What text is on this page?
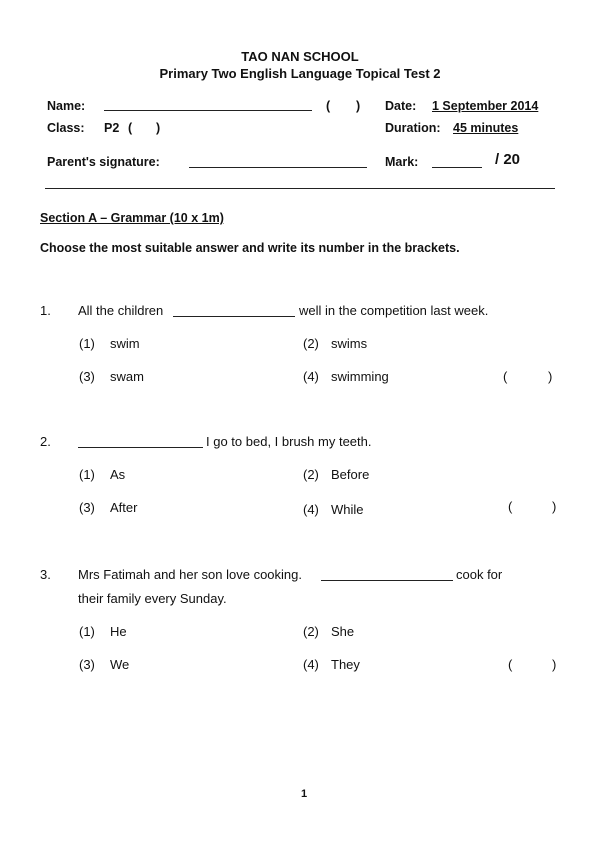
TAO NAN SCHOOL
Primary Two English Language Topical Test 2
Name:	( ) Date: 1 September 2014
Class: P2 ( )	Duration: 45 minutes
Parent's signature:	Mark:	/ 20
Section A – Grammar (10 x 1m)
Choose the most suitable answer and write its number in the brackets.
1. All the children	well in the competition last week.
(1) swim	(2) swims
(3) swam	(4) swimming	(	)
2.	I go to bed, I brush my teeth.
(1) As	(2) Before
(3) After	(4) While	(	)
3. Mrs Fatimah and her son love cooking.	cook for
their family every Sunday.
(1) He	(2) She
(3) We	(4) They	(	)
1
